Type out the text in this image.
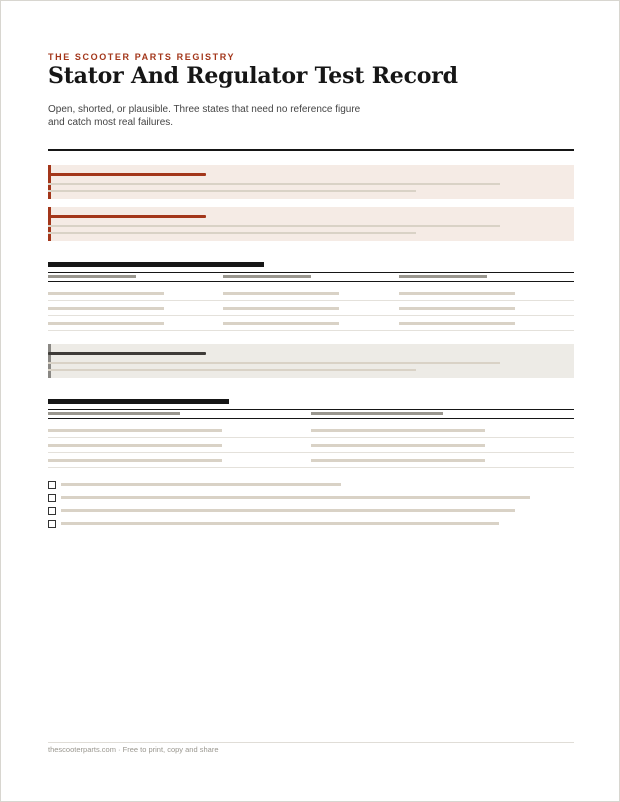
THE SCOOTER PARTS REGISTRY
Stator And Regulator Test Record
Open, shorted, or plausible. Three states that need no reference figure and catch most real failures.
thescooterparts.com · Free to print, copy and share
